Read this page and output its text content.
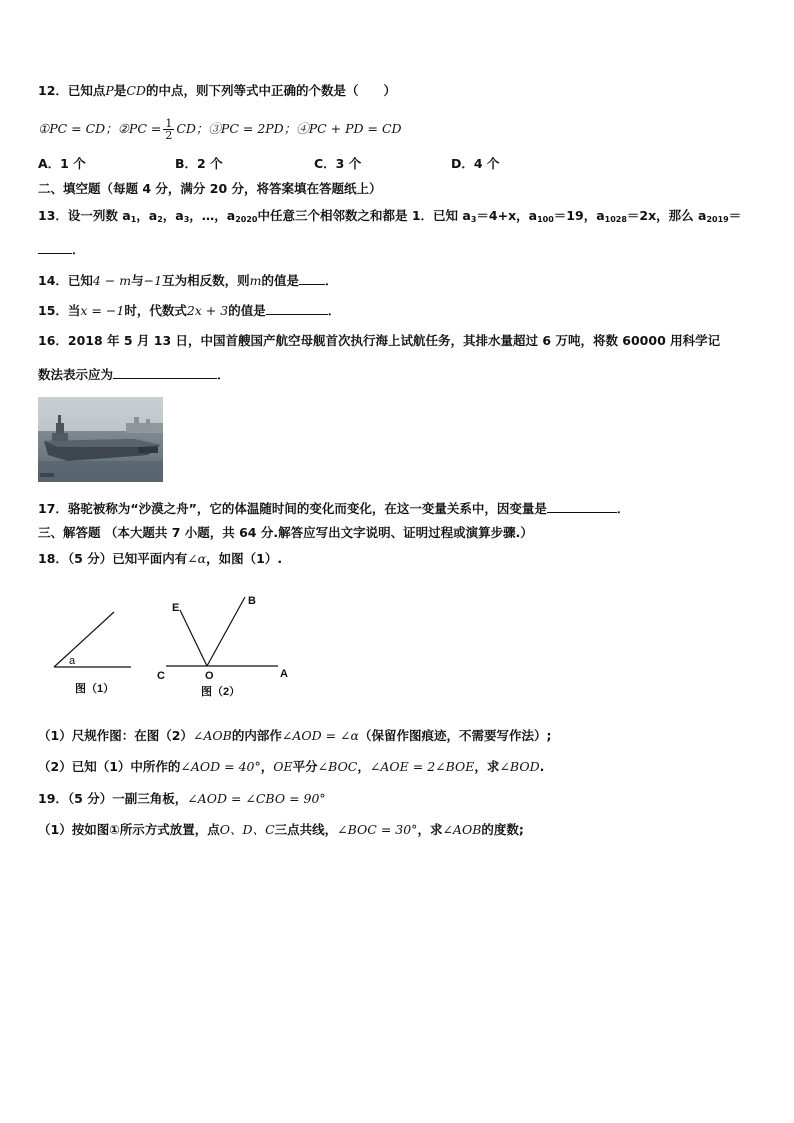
12．已知点P是CD的中点，则下列等式中正确的个数是（　　）
①PC = CD；②PC = $\frac{1}{2}$ CD；③PC = 2PD；④PC + PD = CD
A．1 个	B．2 个	C．3 个	D．4 个
二、填空题（每题 4 分，满分 20 分，将答案填在答题纸上）
13．设一列数 $a_1$，$a_2$，$a_3$，…，$a_{2020}$中任意三个相邻数之和都是 1．已知 $a_3=4+x$，$a_{100}=19$，$a_{1028}=2x$，那么 $a_{2019}=$
．
14．已知4 − m与−1互为相反数，则m的值是 ．
15．当x = −1时，代数式2x + 3的值是	．
16．2018 年 5 月 13 日，中国首艘国产航空母舰首次执行海上试航任务，其排水量超过 6 万吨，将数 60000 用科学记
数法表示应为	．
17．骆驼被称为“沙漠之舟”，它的体温随时间的变化而变化，在这一变量关系中，因变量是	．
三、解答题 （本大题共 7 小题，共 64 分.解答应写出文字说明、证明过程或演算步骤.）
18．（5 分）已知平面内有∠α，如图（1）.
a
图（1）
E
B
C	O	A
图（2）
（1）尺规作图：在图（2）∠AOB的内部作∠AOD = ∠α（保留作图痕迹，不需要写作法）;
（2）已知（1）中所作的∠AOD = 40°，OE平分∠BOC，∠AOE = 2∠BOE，求∠BOD.
19．（5 分）一副三角板，∠AOD = ∠CBO = 90°
（1）按如图①所示方式放置，点O、D、C三点共线，∠BOC = 30°，求∠AOB的度数;
